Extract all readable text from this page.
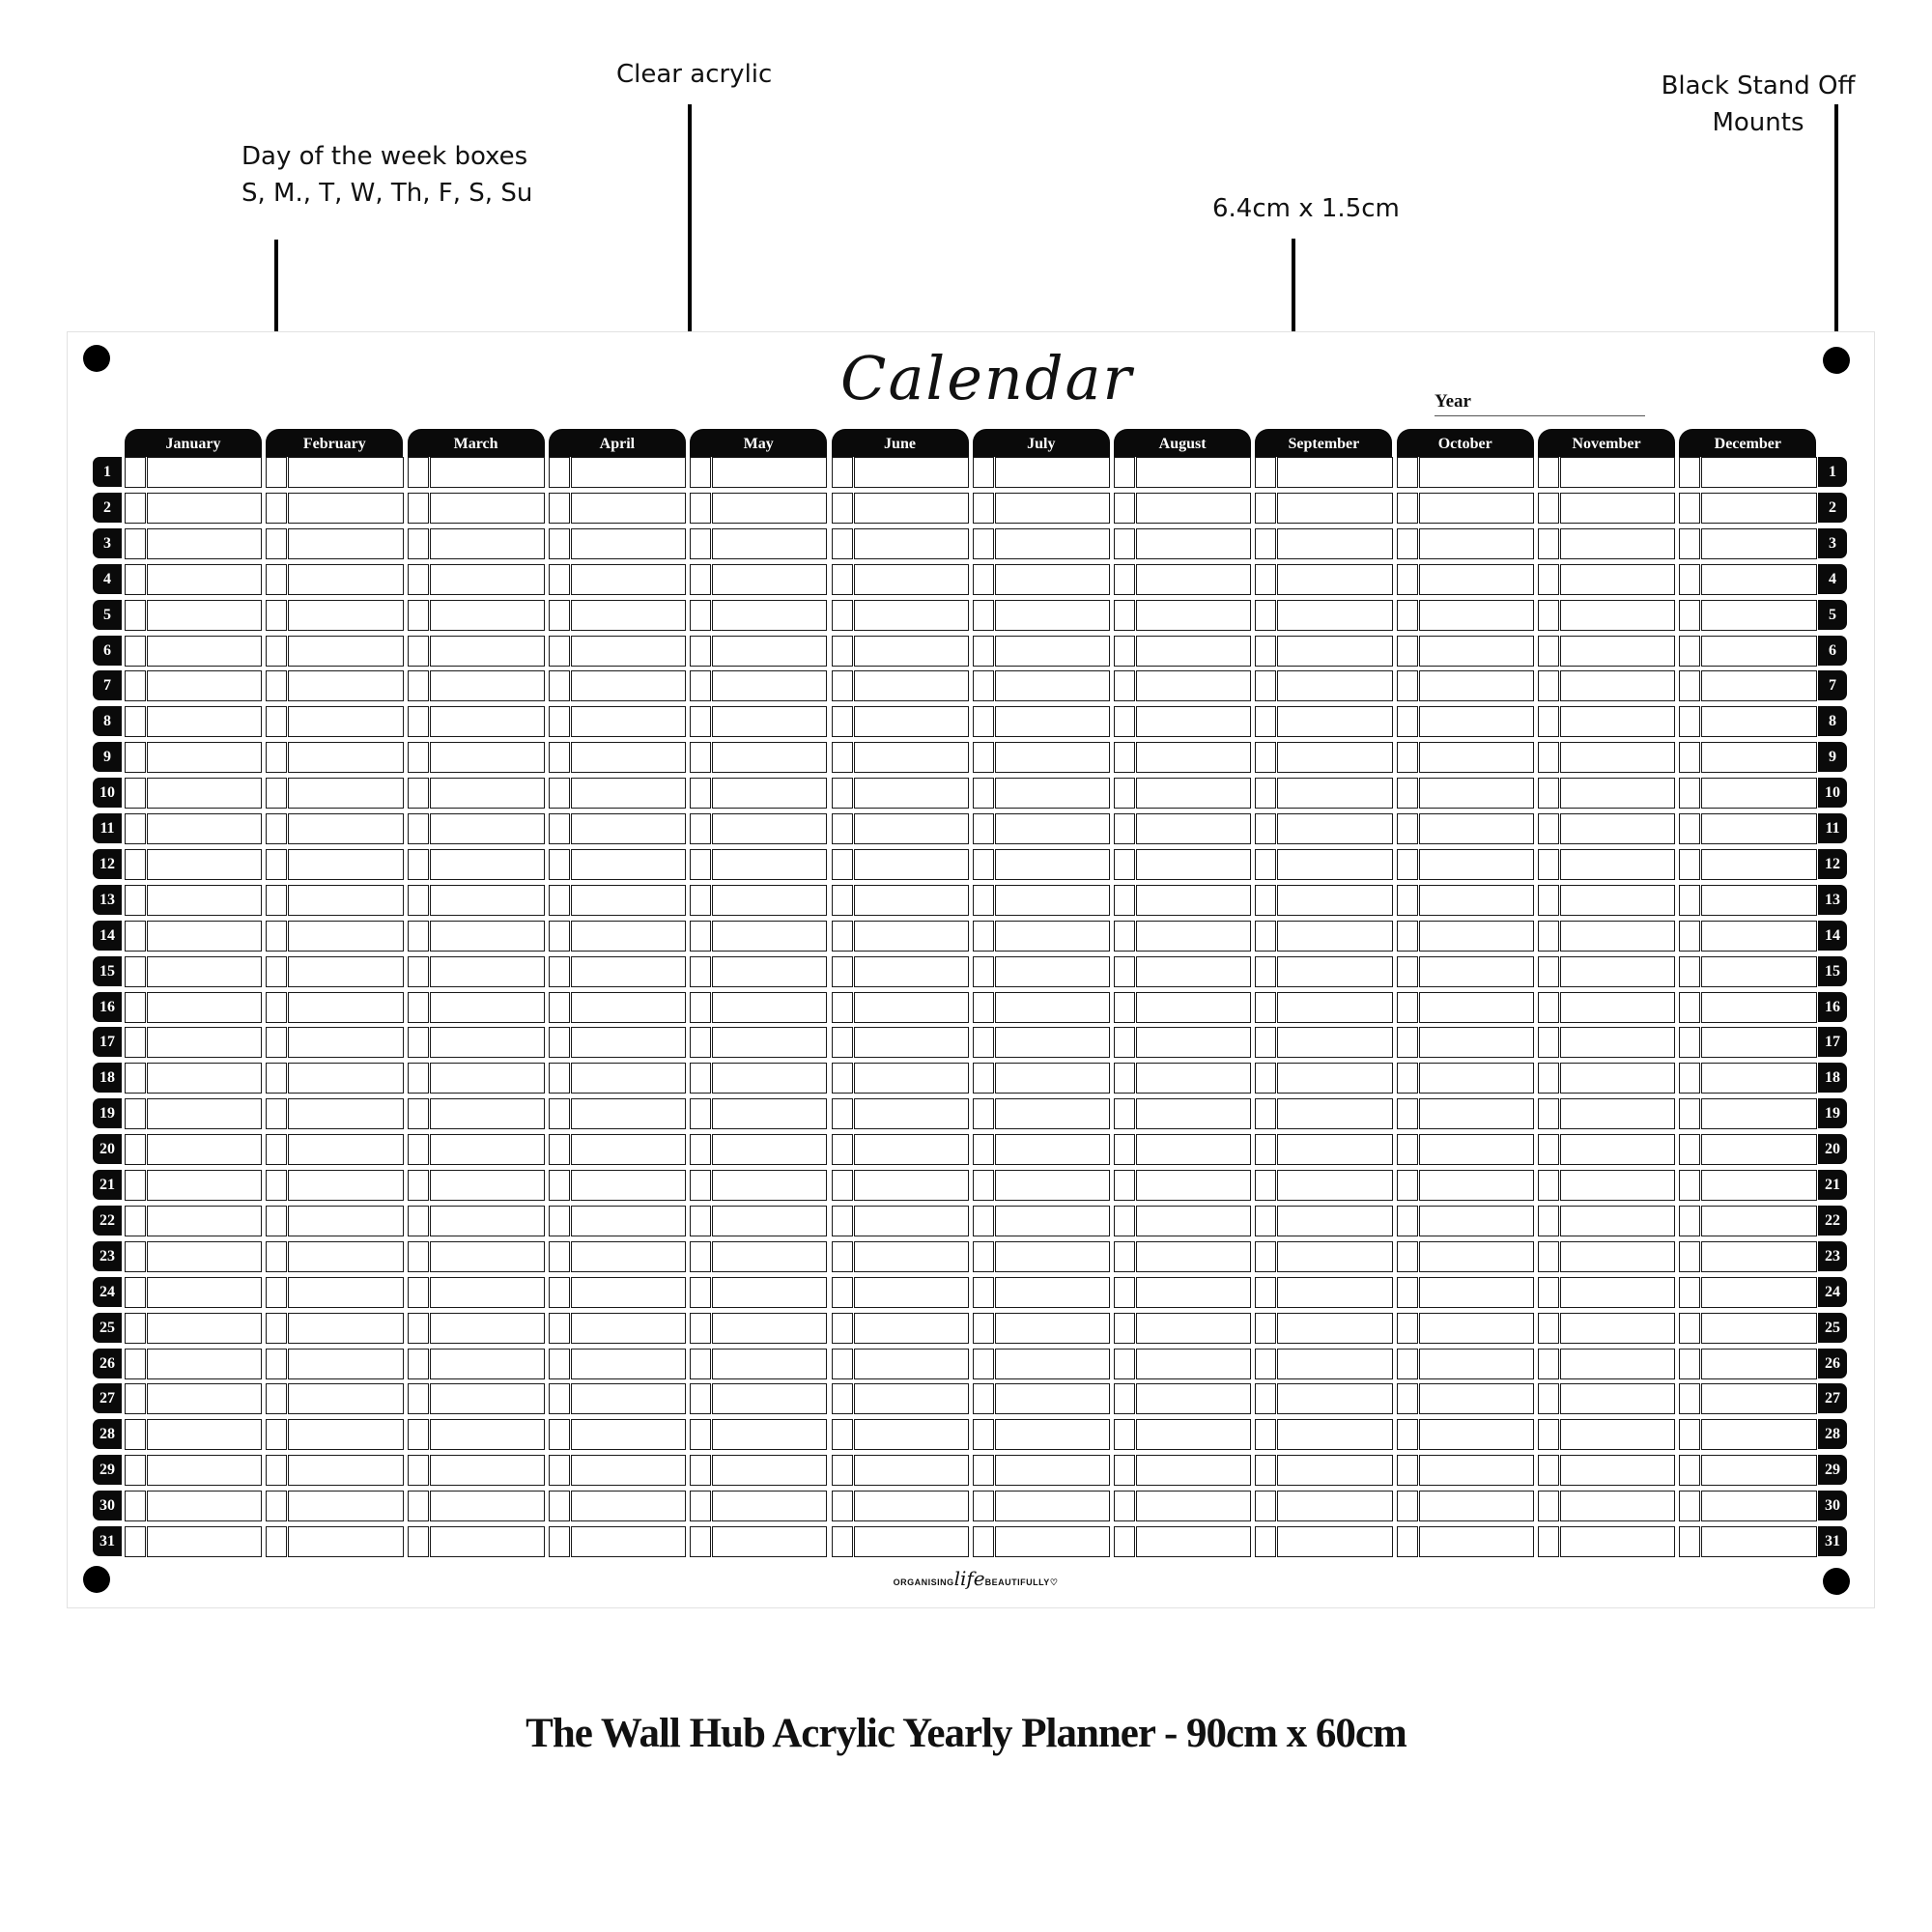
Clear acrylic
Day of the week boxes
S, M., T, W, Th, F, S, Su
6.4cm x 1.5cm
Black Stand Off
Mounts
Calendar	Year
January	February	March	April	May	June	July	August	September	October	November	December
1	1
2	2
3	3
4	4
5	5
6	6
7	7
8	8
9	9
10	10
11	11
12	12
13	13
14	14
15	15
16	16
17	17
18	18
19	19
20	20
21	21
22	22
23	23
24	24
25	25
26	26
27	27
28	28
29	29
30	30
31	31
ORGANISINGlifeBEAUTIFULLY♡
The Wall Hub Acrylic Yearly Planner - 90cm x 60cm
